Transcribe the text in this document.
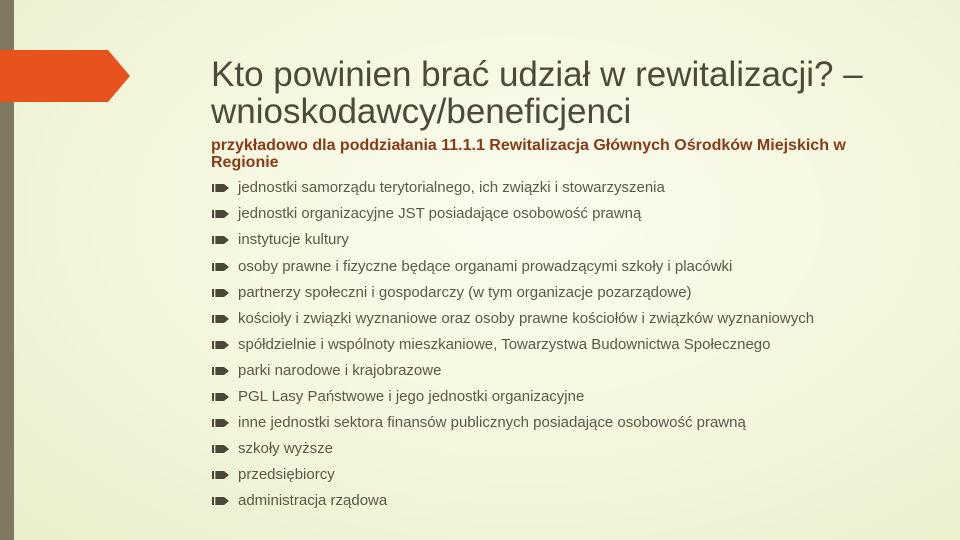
Kto powinien brać udział w rewitalizacji? –
wnioskodawcy/beneficjenci
przykładowo dla poddziałania 11.1.1 Rewitalizacja Głównych Ośrodków Miejskich w Regionie
jednostki samorządu terytorialnego, ich związki i stowarzyszenia
jednostki organizacyjne JST posiadające osobowość prawną
instytucje kultury
osoby prawne i fizyczne będące organami prowadzącymi szkoły i placówki
partnerzy społeczni i gospodarczy (w tym organizacje pozarządowe)
kościoły i związki wyznaniowe oraz osoby prawne kościołów i związków wyznaniowych
spółdzielnie i wspólnoty mieszkaniowe, Towarzystwa Budownictwa Społecznego
parki narodowe i krajobrazowe
PGL Lasy Państwowe i jego jednostki organizacyjne
inne jednostki sektora finansów publicznych posiadające osobowość prawną
szkoły wyższe
przedsiębiorcy
administracja rządowa
